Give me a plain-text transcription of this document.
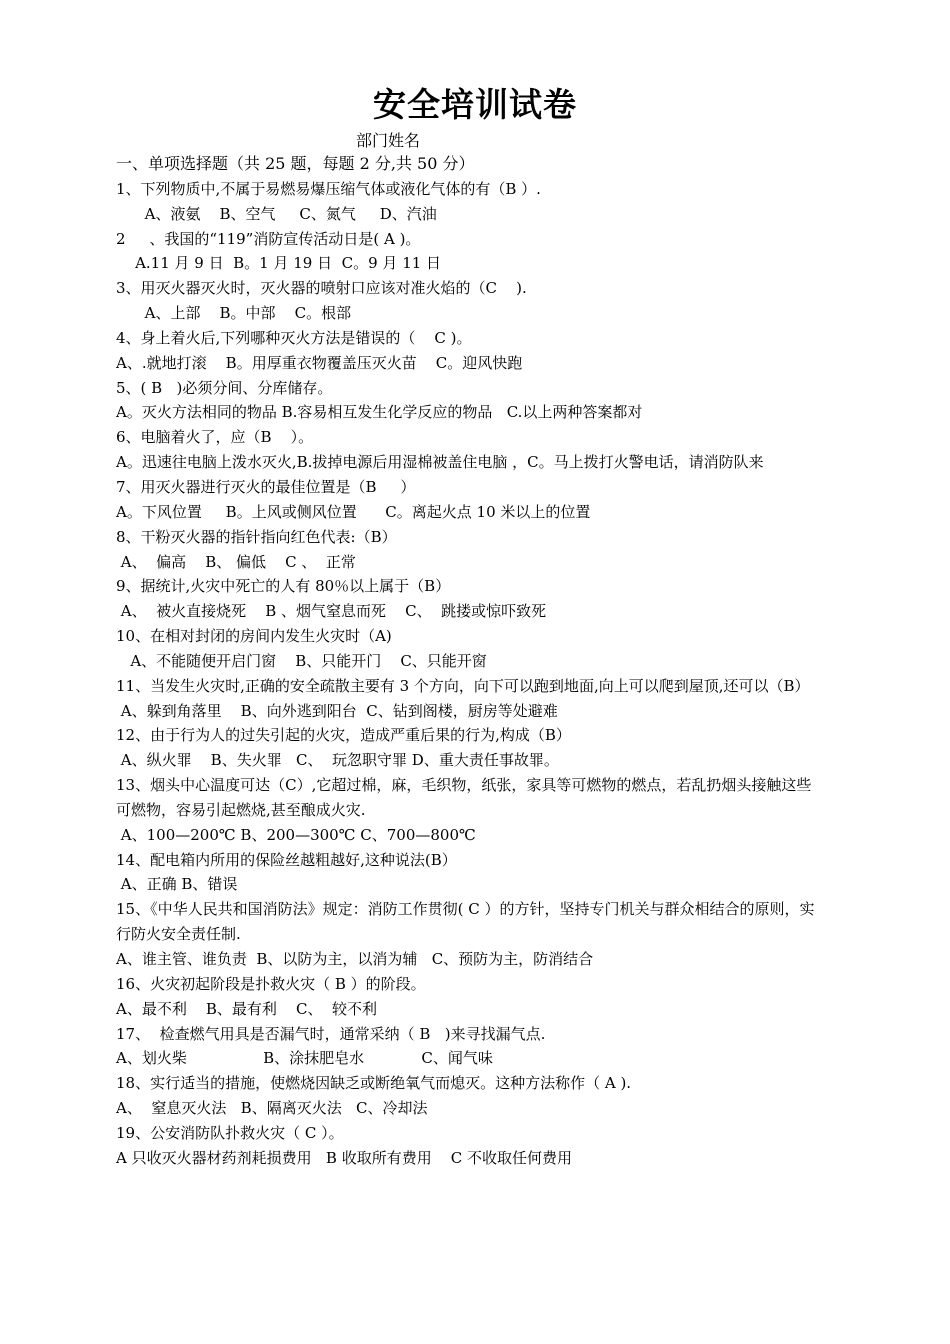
安全培训试卷
部门姓名
一、单项选择题（共 25 题，每题 2 分,共 50 分）
1、下列物质中,不属于易燃易爆压缩气体或液化气体的有（B ）.
A、液氨    B、空气     C、氮气     D、汽油
2     、我国的“119”消防宣传活动日是( A )。
A.11 月 9 日  B。1 月 19 日  C。9 月 11 日
3、用灭火器灭火时，灭火器的喷射口应该对准火焰的（C    ).
A、上部    B。中部    C。根部
4、身上着火后,下列哪种灭火方法是错误的（    C )。
A、.就地打滚    B。用厚重衣物覆盖压灭火苗    C。迎风快跑
5、( B   )必须分间、分库储存。
A。灭火方法相同的物品 B.容易相互发生化学反应的物品   C.以上两种答案都对
6、电脑着火了，应（B    ）。
A。迅速往电脑上泼水灭火,B.拔掉电源后用湿棉被盖住电脑 ，C。马上拨打火警电话，请消防队来
7、用灭火器进行灭火的最佳位置是（B     ）
A。下风位置     B。上风或侧风位置      C。离起火点 10 米以上的位置
8、干粉灭火器的指针指向红色代表:（B）
A、  偏高    B、 偏低    C 、  正常
9、据统计,火灾中死亡的人有 80％以上属于（B）
A、  被火直接烧死    B 、烟气窒息而死    C、  跳搂或惊吓致死
10、在相对封闭的房间内发生火灾时（A)
A、不能随便开启门窗    B、只能开门    C、只能开窗
11、当发生火灾时,正确的安全疏散主要有 3 个方向，向下可以跑到地面,向上可以爬到屋顶,还可以（B）
A、躲到角落里    B、向外逃到阳台  C、钻到阁楼，厨房等处避难
12、由于行为人的过失引起的火灾，造成严重后果的行为,构成（B）
A、纵火罪    B、失火罪   C、  玩忽职守罪 D、重大责任事故罪。
13、烟头中心温度可达（C）,它超过棉，麻，毛织物，纸张，家具等可燃物的燃点，若乱扔烟头接触这些可燃物，容易引起燃烧,甚至酿成火灾.
A、100—200℃ B、200—300℃ C、700—800℃
14、配电箱内所用的保险丝越粗越好,这种说法(B）
A、正确 B、错误
15、《中华人民共和国消防法》规定：消防工作贯彻( C ）的方针，坚持专门机关与群众相结合的原则，实行防火安全责任制.
A、谁主管、谁负责  B、以防为主，以消为辅   C、预防为主，防消结合
16、火灾初起阶段是扑救火灾（ B ）的阶段。
A、最不利    B、最有利    C、  较不利
17、  检查燃气用具是否漏气时，通常采纳（ B   )来寻找漏气点.
A、划火柴                B、涂抹肥皂水            C、闻气味
18、实行适当的措施，使燃烧因缺乏或断绝氧气而熄灭。这种方法称作（ A ).
A、  窒息灭火法   B、隔离灭火法   C、冷却法
19、公安消防队扑救火灾（ C ）。
A 只收灭火器材药剂耗损费用   B 收取所有费用    C 不收取任何费用
